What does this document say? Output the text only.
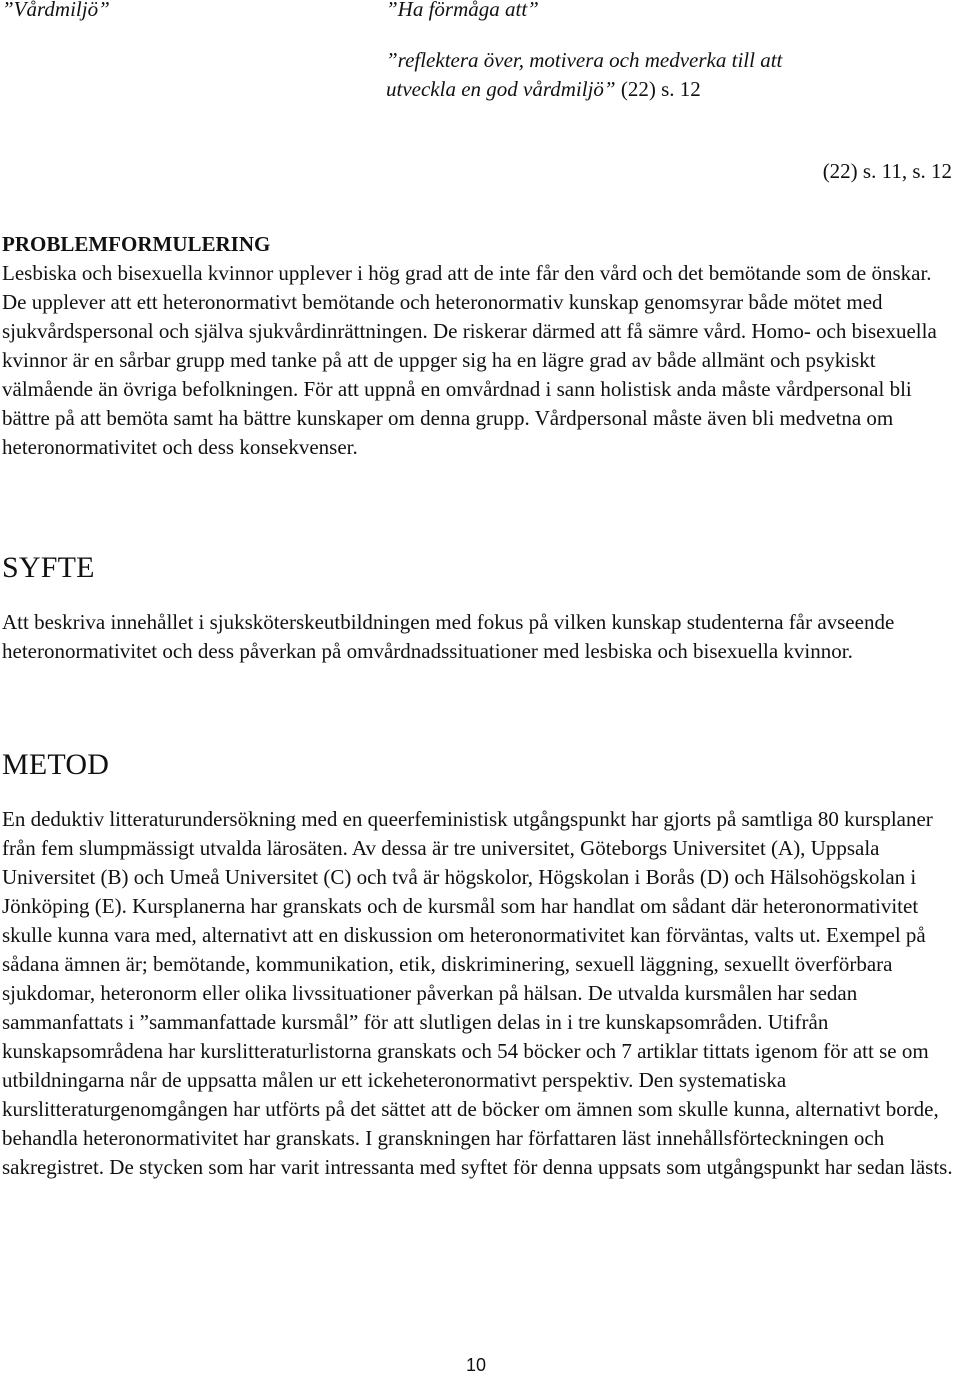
”Vårdmiljö”	”Ha förmåga att”
”reflektera över, motivera och medverka till att utveckla en god vårdmiljö” (22) s. 12
(22) s. 11, s. 12
PROBLEMFORMULERING

Lesbiska och bisexuella kvinnor upplever i hög grad att de inte får den vård och det bemötande som de önskar. De upplever att ett heteronormativt bemötande och heteronormativ kunskap genomsyrar både mötet med sjukvårdspersonal och själva sjukvårdinrättningen. De riskerar därmed att få sämre vård. Homo- och bisexuella kvinnor är en sårbar grupp med tanke på att de uppger sig ha en lägre grad av både allmänt och psykiskt välmående än övriga befolkningen. För att uppnå en omvårdnad i sann holistisk anda måste vårdpersonal bli bättre på att bemöta samt ha bättre kunskaper om denna grupp. Vårdpersonal måste även bli medvetna om heteronormativitet och dess konsekvenser.

SYFTE

Att beskriva innehållet i sjuksköterskeutbildningen med fokus på vilken kunskap studenterna får avseende heteronormativitet och dess påverkan på omvårdnadssituationer med lesbiska och bisexuella kvinnor.

METOD

En deduktiv litteraturundersökning med en queerfeministisk utgångspunkt har gjorts på samtliga 80 kursplaner från fem slumpmässigt utvalda lärosäten. Av dessa är tre universitet, Göteborgs Universitet (A), Uppsala Universitet (B) och Umeå Universitet (C) och två är högskolor, Högskolan i Borås (D) och Hälsohögskolan i Jönköping (E). Kursplanerna har granskats och de kursmål som har handlat om sådant där heteronormativitet skulle kunna vara med, alternativt att en diskussion om heteronormativitet kan förväntas, valts ut. Exempel på sådana ämnen är; bemötande, kommunikation, etik, diskriminering, sexuell läggning, sexuellt överförbara sjukdomar, heteronorm eller olika livssituationer påverkan på hälsan. De utvalda kursmålen har sedan sammanfattats i ”sammanfattade kursmål” för att slutligen delas in i tre kunskapsområden. Utifrån kunskapsområdena har kurslitteraturlistorna granskats och 54 böcker och 7 artiklar tittats igenom för att se om utbildningarna når de uppsatta målen ur ett ickeheteronormativt perspektiv. Den systematiska kurslitteraturgenomgången har utförts på det sättet att de böcker om ämnen som skulle kunna, alternativt borde, behandla heteronormativitet har granskats. I granskningen har författaren läst innehållsförteckningen och sakregistret. De stycken som har varit intressanta med syftet för denna uppsats som utgångspunkt har sedan lästs.

10
